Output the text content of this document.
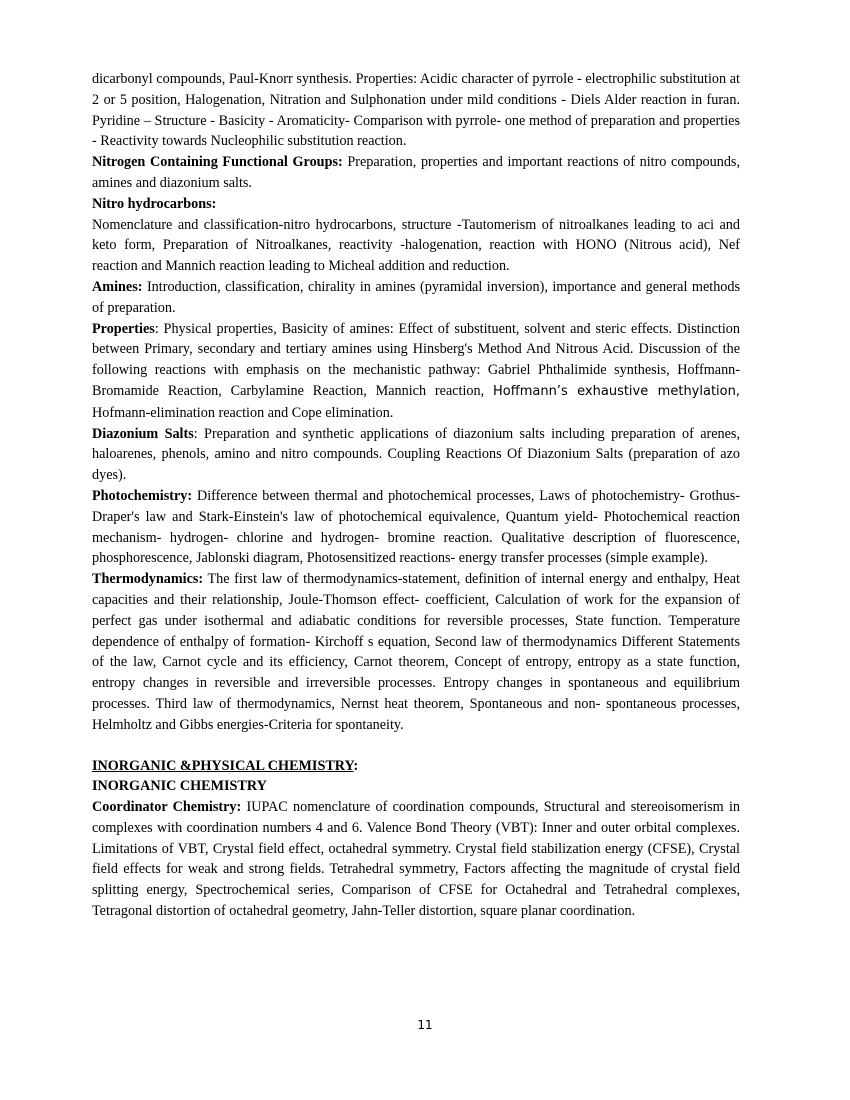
dicarbonyl compounds, Paul-Knorr synthesis. Properties: Acidic character of pyrrole - electrophilic substitution at 2 or 5 position, Halogenation, Nitration and Sulphonation under mild conditions - Diels Alder reaction in furan. Pyridine – Structure - Basicity - Aromaticity- Comparison with pyrrole- one method of preparation and properties - Reactivity towards Nucleophilic substitution reaction.

Nitrogen Containing Functional Groups: Preparation, properties and important reactions of nitro compounds, amines and diazonium salts.

Nitro hydrocarbons:

Nomenclature and classification-nitro hydrocarbons, structure -Tautomerism of nitroalkanes leading to aci and keto form, Preparation of Nitroalkanes, reactivity -halogenation, reaction with HONO (Nitrous acid), Nef reaction and Mannich reaction leading to Micheal addition and reduction.

Amines: Introduction, classification, chirality in amines (pyramidal inversion), importance and general methods of preparation.

Properties: Physical properties, Basicity of amines: Effect of substituent, solvent and steric effects. Distinction between Primary, secondary and tertiary amines using Hinsberg's Method And Nitrous Acid. Discussion of the following reactions with emphasis on the mechanistic pathway: Gabriel Phthalimide synthesis, Hoffmann- Bromamide Reaction, Carbylamine Reaction, Mannich reaction, Hoffmann’s exhaustive methylation, Hofmann-elimination reaction and Cope elimination.

Diazonium Salts: Preparation and synthetic applications of diazonium salts including preparation of arenes, haloarenes, phenols, amino and nitro compounds. Coupling Reactions Of Diazonium Salts (preparation of azo dyes).

Photochemistry: Difference between thermal and photochemical processes, Laws of photochemistry- Grothus- Draper's law and Stark-Einstein's law of photochemical equivalence, Quantum yield- Photochemical reaction mechanism- hydrogen- chlorine and hydrogen- bromine reaction. Qualitative description of fluorescence, phosphorescence, Jablonski diagram, Photosensitized reactions- energy transfer processes (simple example).

Thermodynamics: The first law of thermodynamics-statement, definition of internal energy and enthalpy, Heat capacities and their relationship, Joule-Thomson effect- coefficient, Calculation of work for the expansion of perfect gas under isothermal and adiabatic conditions for reversible processes, State function. Temperature dependence of enthalpy of formation- Kirchoff s equation, Second law of thermodynamics Different Statements of the law, Carnot cycle and its efficiency, Carnot theorem, Concept of entropy, entropy as a state function, entropy changes in reversible and irreversible processes. Entropy changes in spontaneous and equilibrium processes. Third law of thermodynamics, Nernst heat theorem, Spontaneous and non- spontaneous processes, Helmholtz and Gibbs energies-Criteria for spontaneity.

INORGANIC &PHYSICAL CHEMISTRY:

INORGANIC CHEMISTRY

Coordinator Chemistry: IUPAC nomenclature of coordination compounds, Structural and stereoisomerism in complexes with coordination numbers 4 and 6. Valence Bond Theory (VBT): Inner and outer orbital complexes. Limitations of VBT, Crystal field effect, octahedral symmetry. Crystal field stabilization energy (CFSE), Crystal field effects for weak and strong fields. Tetrahedral symmetry, Factors affecting the magnitude of crystal field splitting energy, Spectrochemical series, Comparison of CFSE for Octahedral and Tetrahedral complexes, Tetragonal distortion of octahedral geometry, Jahn-Teller distortion, square planar coordination.

11
